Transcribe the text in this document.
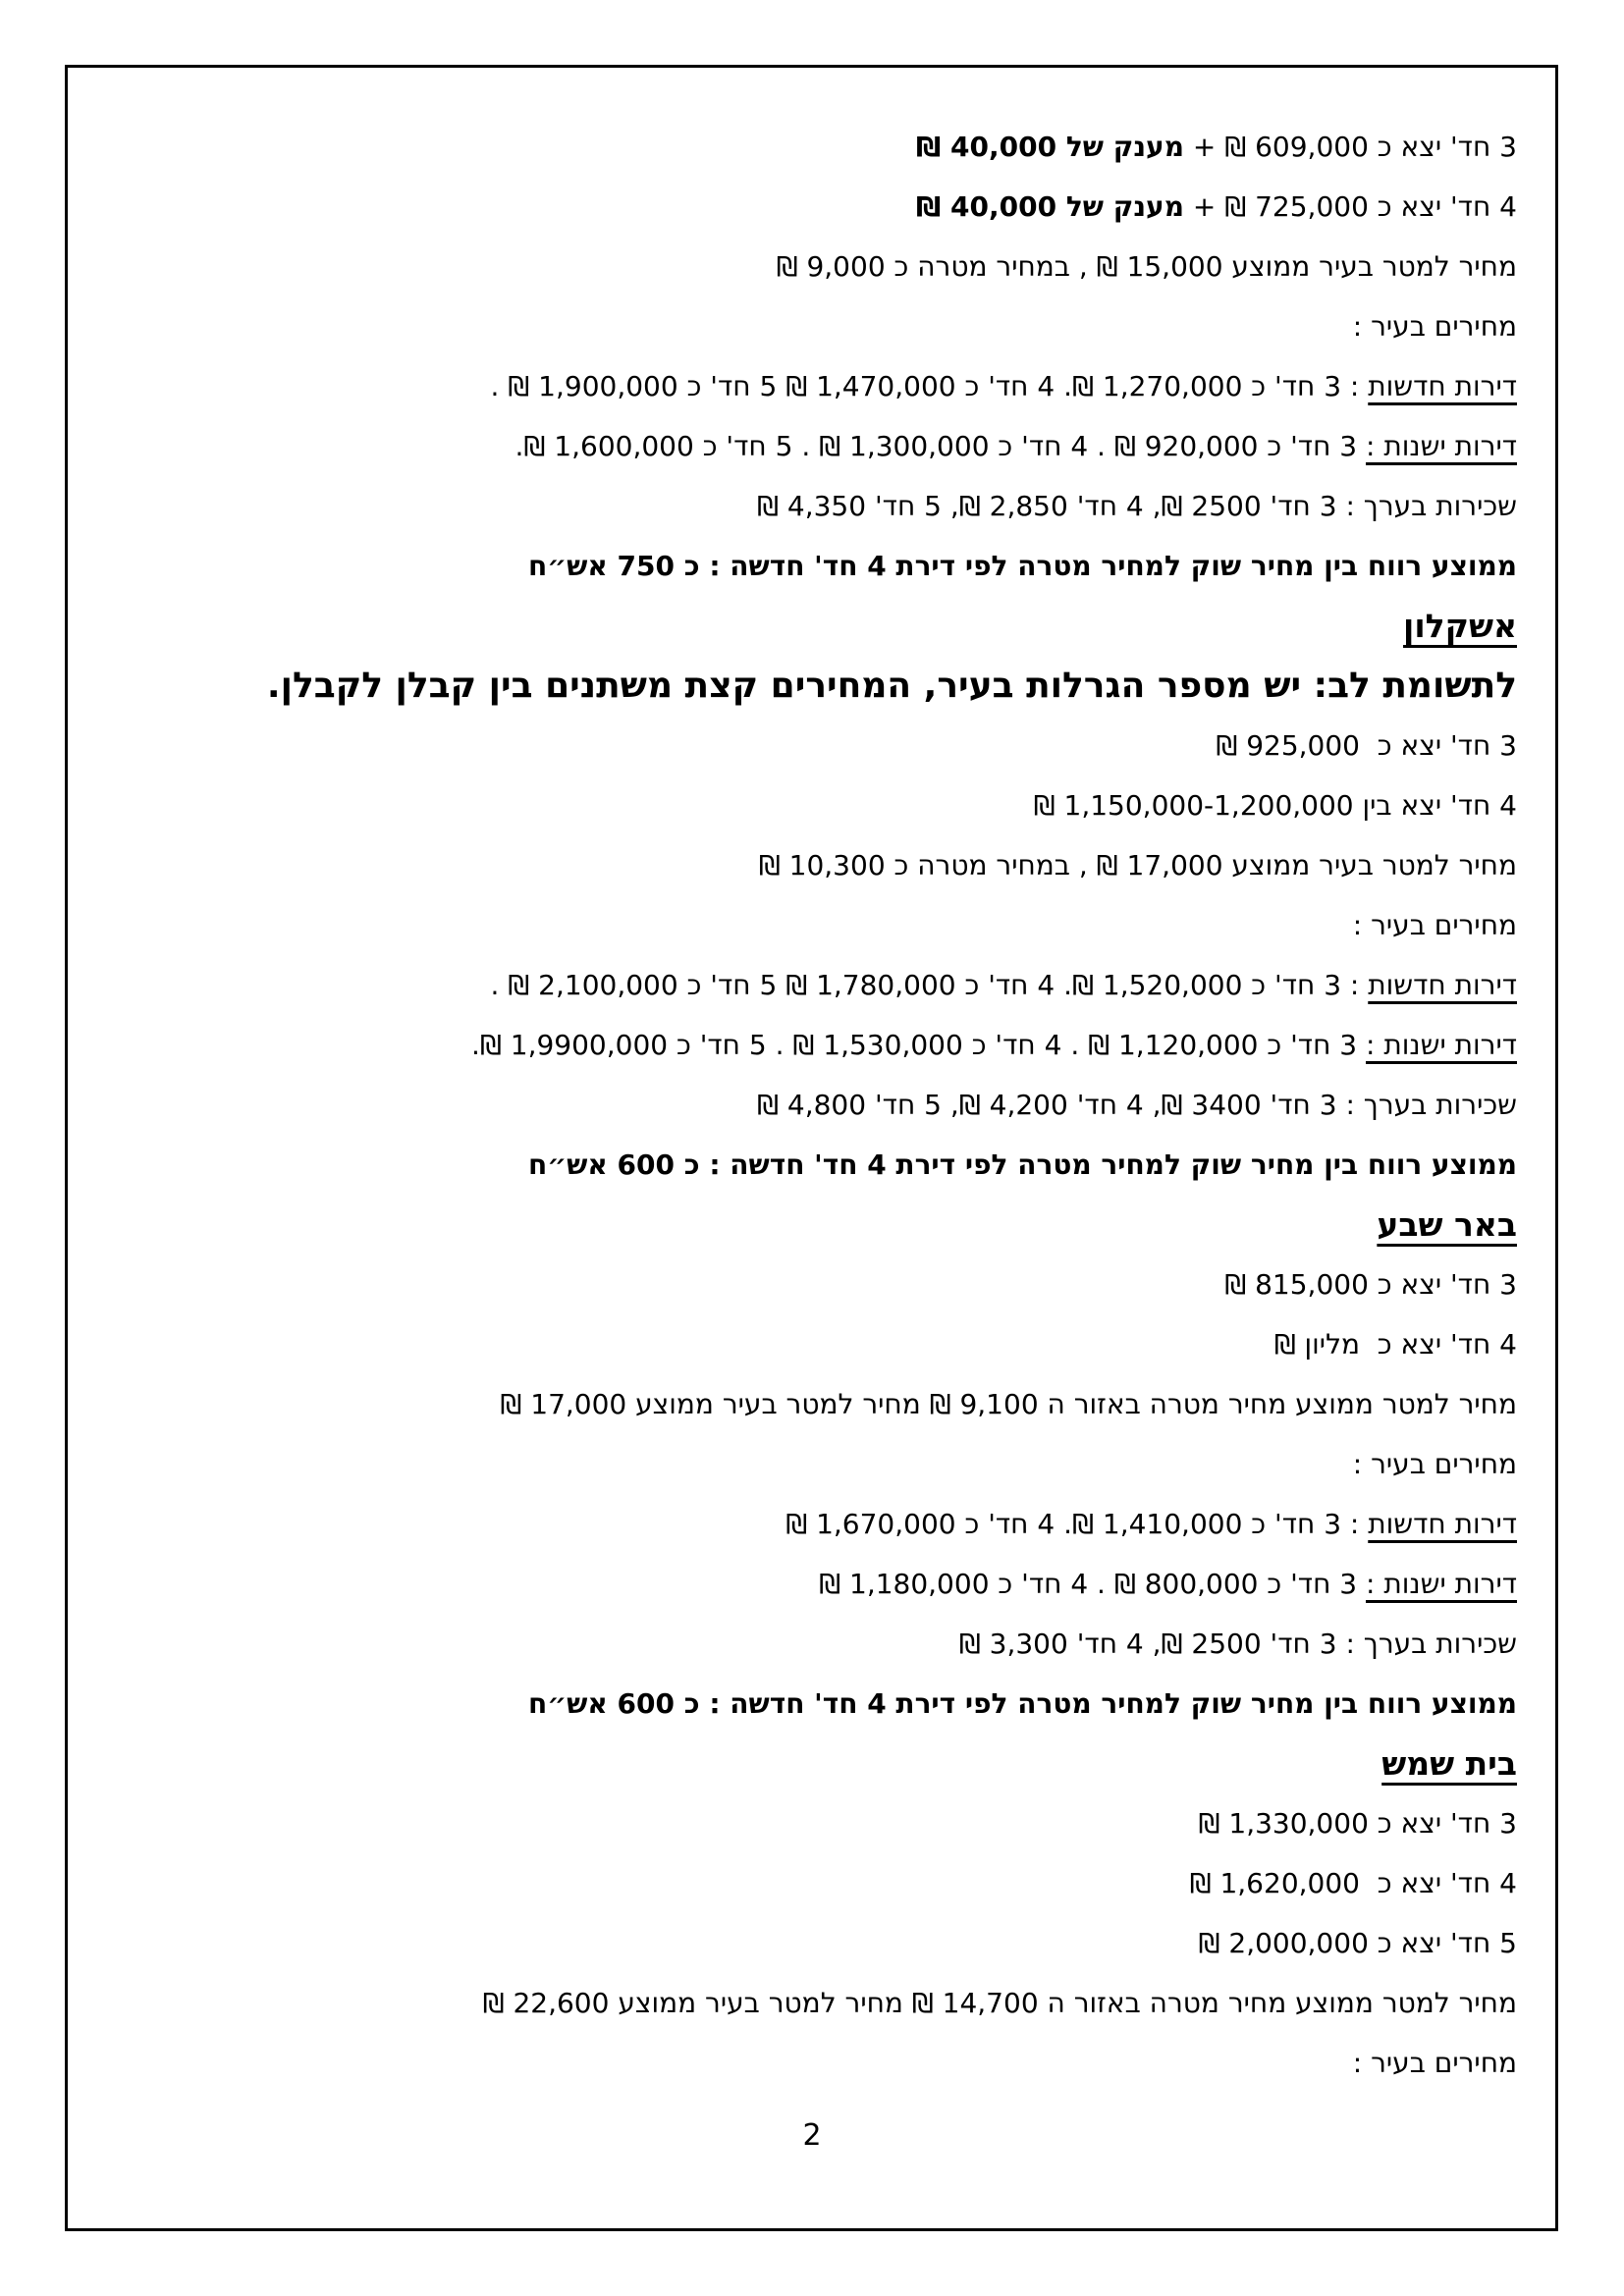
3 חד' יצא כ 609,000 ₪ + מענק של 40,000 ₪
4 חד' יצא כ 725,000 ₪ + מענק של 40,000 ₪
מחיר למטר בעיר ממוצע 15,000 ₪ , במחיר מטרה כ 9,000 ₪
מחירים בעיר :
דירות חדשות : 3 חד' כ 1,270,000 ₪. 4 חד' כ 1,470,000 ₪ 5 חד' כ 1,900,000 ₪ .
דירות ישנות : 3 חד' כ 920,000 ₪ . 4 חד' כ 1,300,000 ₪ . 5 חד' כ 1,600,000 ₪.
שכירות בערך : 3 חד' 2500 ₪, 4 חד' 2,850 ₪, 5 חד' 4,350 ₪
ממוצע רווח בין מחיר שוק למחיר מטרה לפי דירת 4 חד' חדשה : כ 750 אש״ח
אשקלון
לתשומת לב: יש מספר הגרלות בעיר, המחירים קצת משתנים בין קבלן לקבלן.
3 חד' יצא כ  925,000 ₪
4 חד' יצא בין 1,150,000-1,200,000 ₪
מחיר למטר בעיר ממוצע 17,000 ₪ , במחיר מטרה כ 10,300 ₪
מחירים בעיר :
דירות חדשות : 3 חד' כ 1,520,000 ₪. 4 חד' כ 1,780,000 ₪ 5 חד' כ 2,100,000 ₪ .
דירות ישנות : 3 חד' כ 1,120,000 ₪ . 4 חד' כ 1,530,000 ₪ . 5 חד' כ 1,9900,000 ₪.
שכירות בערך : 3 חד' 3400 ₪, 4 חד' 4,200 ₪, 5 חד' 4,800 ₪
ממוצע רווח בין מחיר שוק למחיר מטרה לפי דירת 4 חד' חדשה : כ 600 אש״ח
באר שבע
3 חד' יצא כ 815,000 ₪
4 חד' יצא כ  מליון ₪
מחיר למטר ממוצע מחיר מטרה באזור ה 9,100 ₪ מחיר למטר בעיר ממוצע 17,000 ₪
מחירים בעיר :
דירות חדשות : 3 חד' כ 1,410,000 ₪. 4 חד' כ 1,670,000 ₪
דירות ישנות : 3 חד' כ 800,000 ₪ . 4 חד' כ 1,180,000 ₪
שכירות בערך : 3 חד' 2500 ₪, 4 חד' 3,300 ₪
ממוצע רווח בין מחיר שוק למחיר מטרה לפי דירת 4 חד' חדשה : כ 600 אש״ח
בית שמש
3 חד' יצא כ 1,330,000 ₪
4 חד' יצא כ  1,620,000 ₪
5 חד' יצא כ 2,000,000 ₪
מחיר למטר ממוצע מחיר מטרה באזור ה 14,700 ₪ מחיר למטר בעיר ממוצע 22,600 ₪
מחירים בעיר :
2
